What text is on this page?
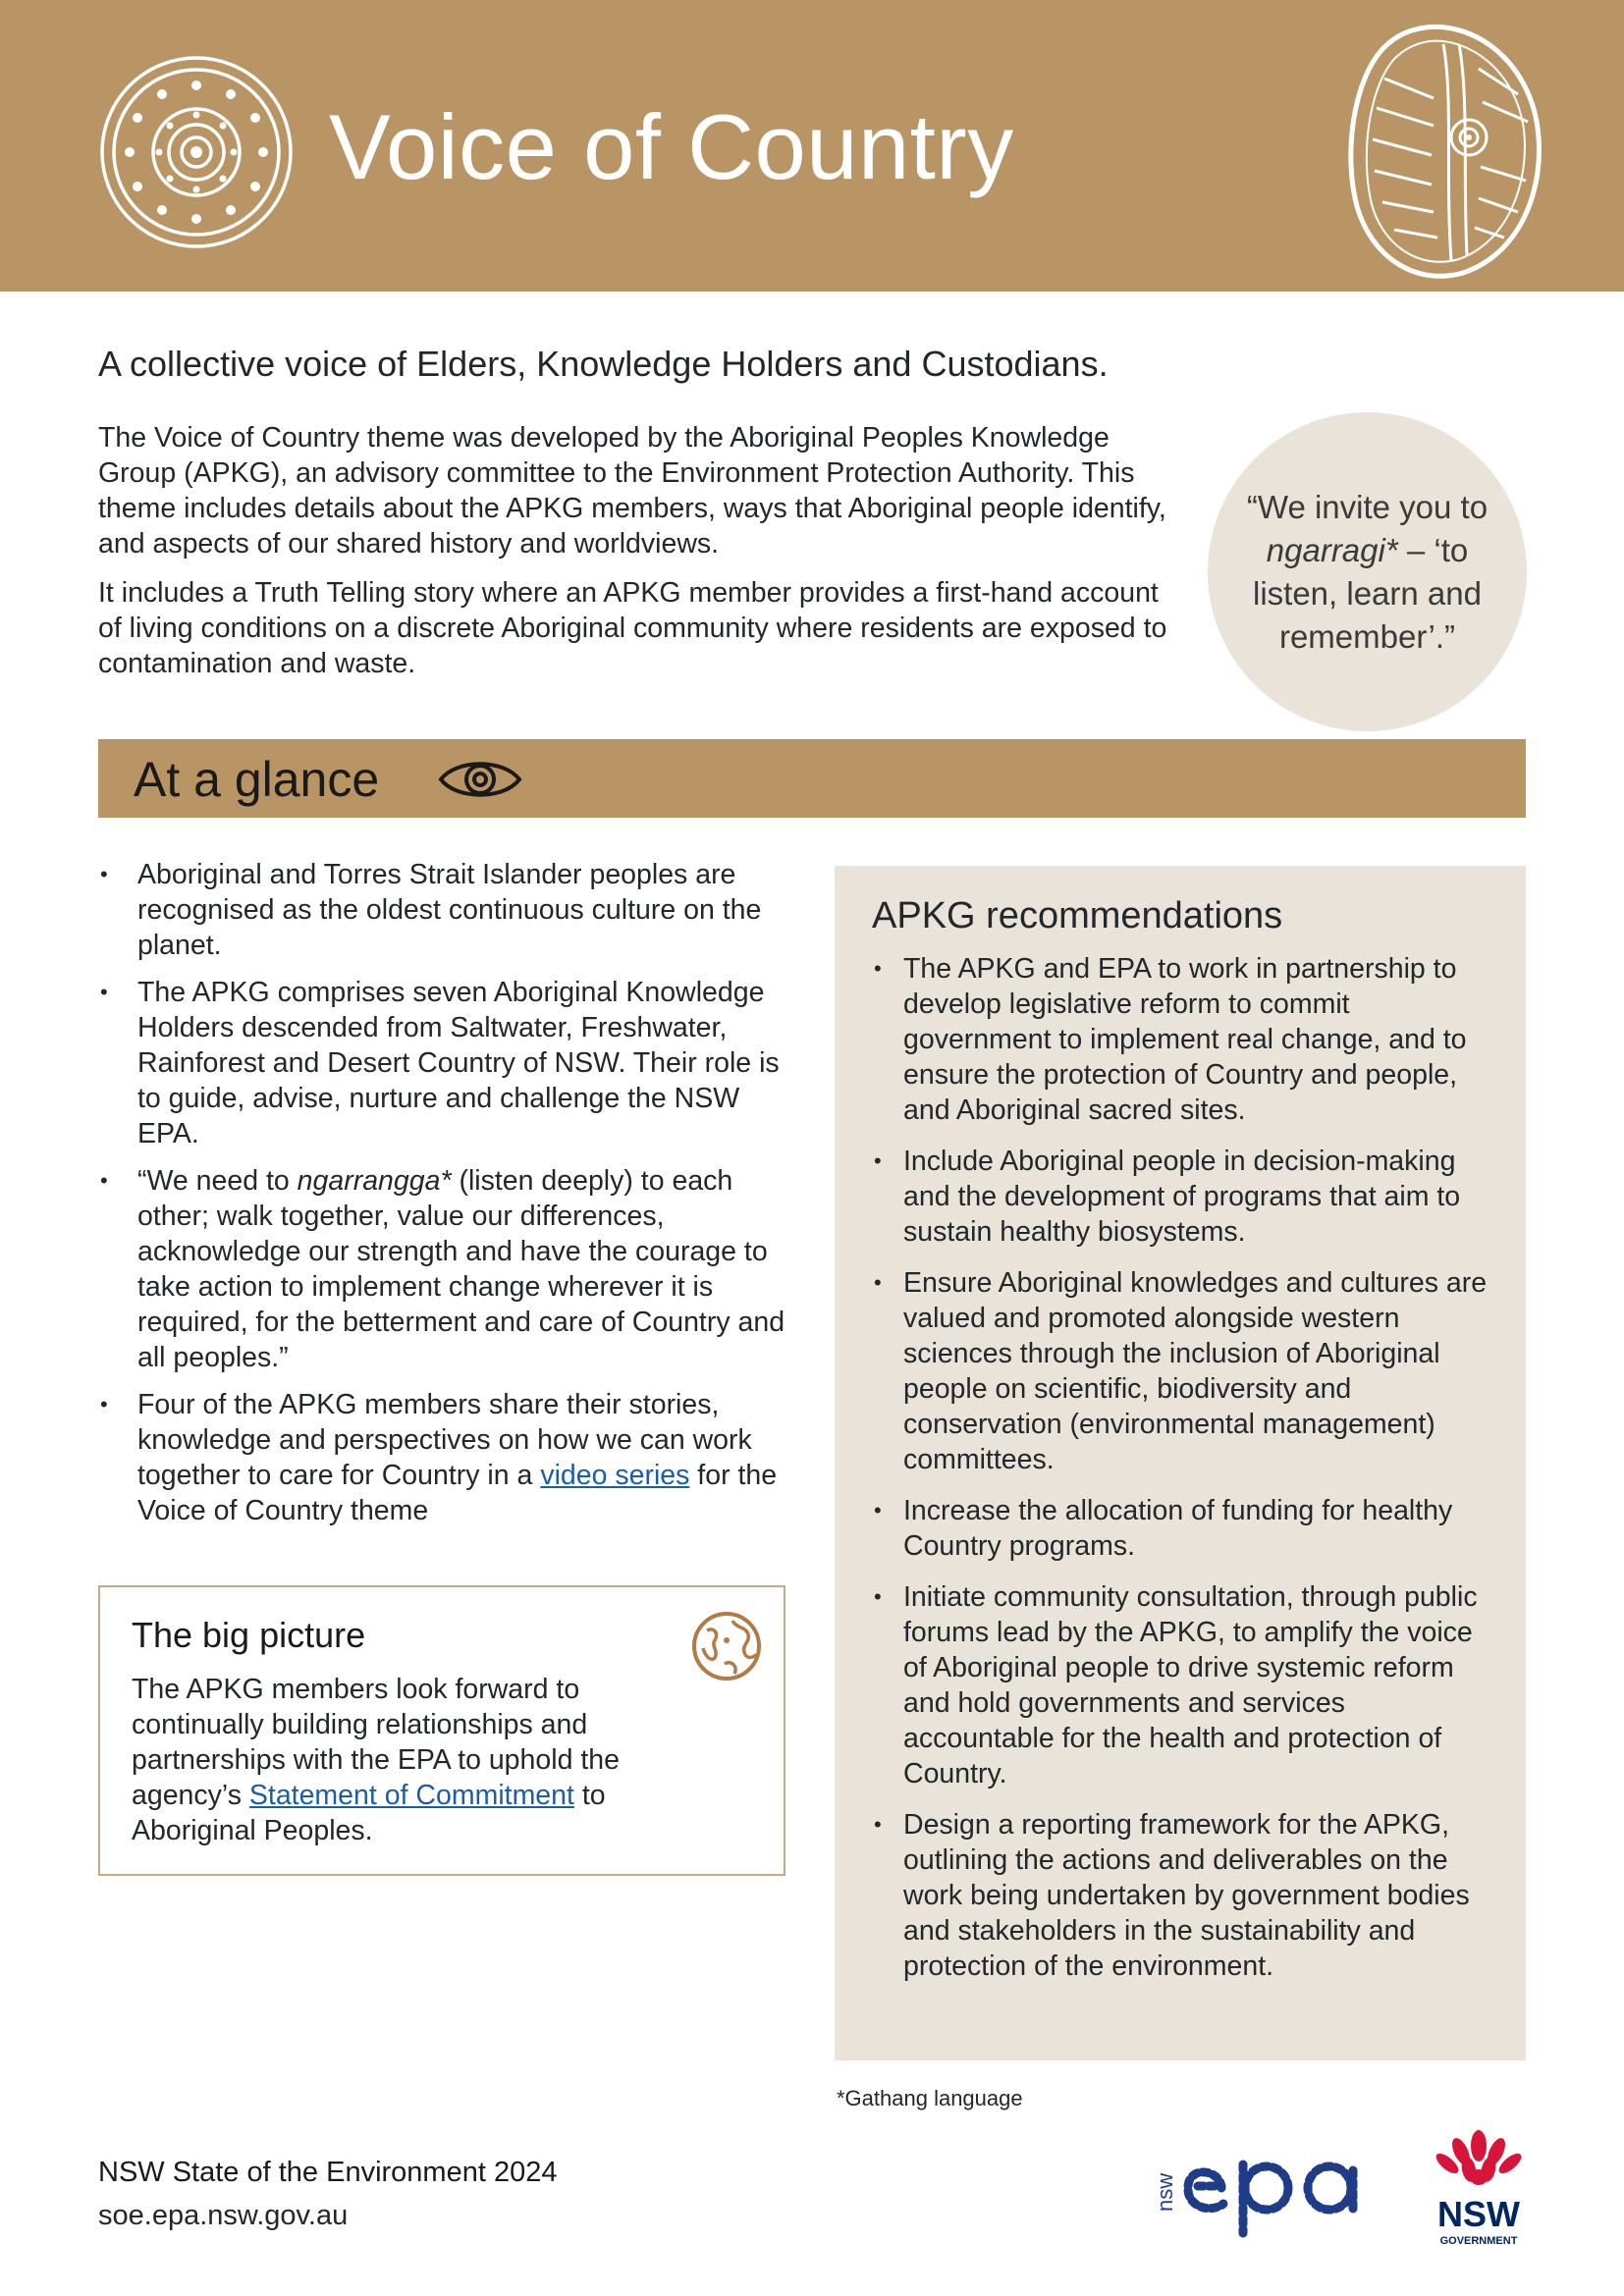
Voice of Country
A collective voice of Elders, Knowledge Holders and Custodians.

The Voice of Country theme was developed by the Aboriginal Peoples Knowledge Group (APKG), an advisory committee to the Environment Protection Authority. This theme includes details about the APKG members, ways that Aboriginal people identify, and aspects of our shared history and worldviews.

It includes a Truth Telling story where an APKG member provides a first-hand account of living conditions on a discrete Aboriginal community where residents are exposed to contamination and waste.

“We invite you to ngarragi* – ‘to listen, learn and remember’.”
At a glance
• Aboriginal and Torres Strait Islander peoples are recognised as the oldest continuous culture on the planet.
• The APKG comprises seven Aboriginal Knowledge Holders descended from Saltwater, Freshwater, Rainforest and Desert Country of NSW. Their role is to guide, advise, nurture and challenge the NSW EPA.
• “We need to ngarrangga* (listen deeply) to each other; walk together, value our differences, acknowledge our strength and have the courage to take action to implement change wherever it is required, for the betterment and care of Country and all peoples.”
• Four of the APKG members share their stories, knowledge and perspectives on how we can work together to care for Country in a video series for the Voice of Country theme
The big picture
The APKG members look forward to continually building relationships and partnerships with the EPA to uphold the agency’s Statement of Commitment to Aboriginal Peoples.
APKG recommendations
• The APKG and EPA to work in partnership to develop legislative reform to commit government to implement real change, and to ensure the protection of Country and people, and Aboriginal sacred sites.
• Include Aboriginal people in decision-making and the development of programs that aim to sustain healthy biosystems.
• Ensure Aboriginal knowledges and cultures are valued and promoted alongside western sciences through the inclusion of Aboriginal people on scientific, biodiversity and conservation (environmental management) committees.
• Increase the allocation of funding for healthy Country programs.
• Initiate community consultation, through public forums lead by the APKG, to amplify the voice of Aboriginal people to drive systemic reform and hold governments and services accountable for the health and protection of Country.
• Design a reporting framework for the APKG, outlining the actions and deliverables on the work being undertaken by government bodies and stakeholders in the sustainability and protection of the environment.
*Gathang language
NSW State of the Environment 2024
soe.epa.nsw.gov.au
nsw
epa
NSW
GOVERNMENT
